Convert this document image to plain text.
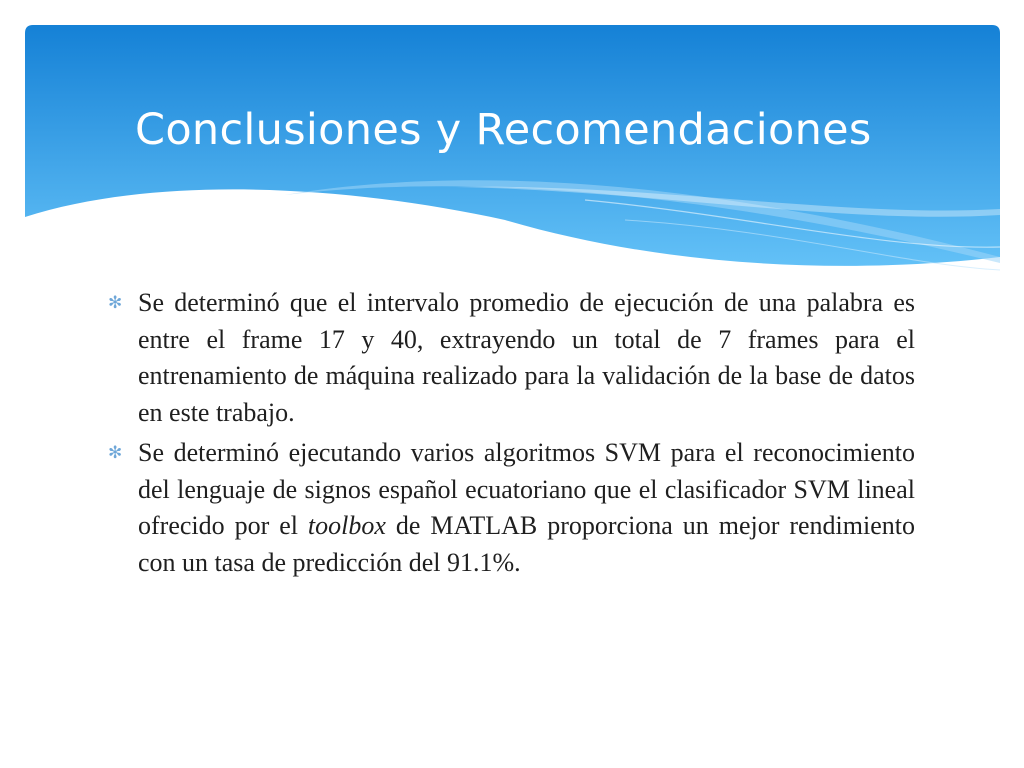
Conclusiones y Recomendaciones

✻ Se determinó que el intervalo promedio de ejecución de una palabra es entre el frame 17 y 40, extrayendo un total de 7 frames para el entrenamiento de máquina realizado para la validación de la base de datos en este trabajo.

✻ Se determinó ejecutando varios algoritmos SVM para el reconocimiento del lenguaje de signos español ecuatoriano que el clasificador SVM lineal ofrecido por el toolbox de MATLAB proporciona un mejor rendimiento con un tasa de predicción del 91.1%.
